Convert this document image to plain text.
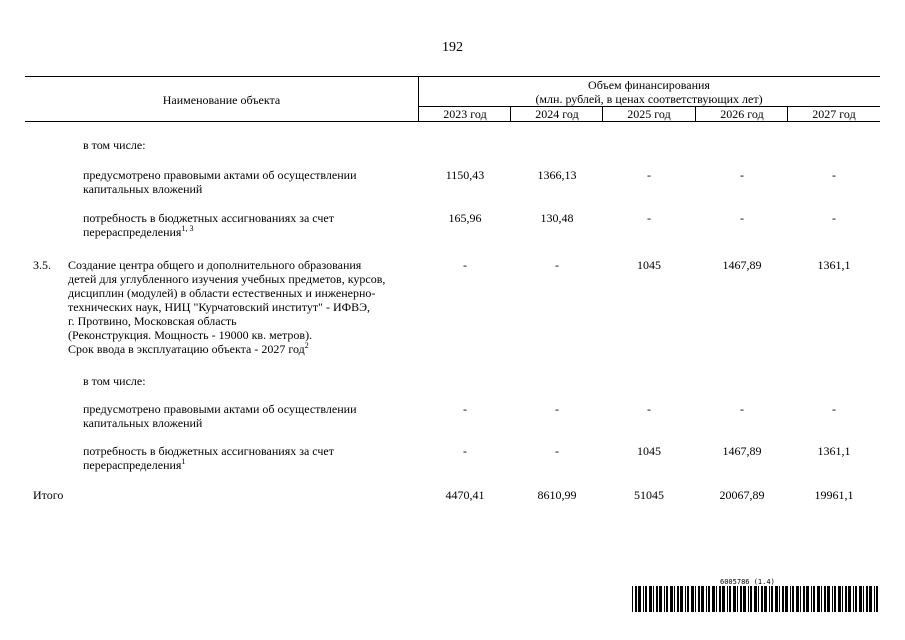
192
Наименование объекта
Объем финансирования
(млн. рублей, в ценах соответствующих лет)
2023 год	2024 год	2025 год	2026 год	2027 год
в том числе:
предусмотрено правовыми актами об осуществлении
капитальных вложений
1150,43	1366,13	-	-	-
потребность в бюджетных ассигнованиях за счет
перераспределения$^{1, 3}$
165,96	130,48	-	-	-
3.5. Создание центра общего и дополнительного образования
детей для углубленного изучения учебных предметов, курсов,
дисциплин (модулей) в области естественных и инженерно-
технических наук, НИЦ "Курчатовский институт" - ИФВЭ,
г. Протвино, Московская область
(Реконструкция. Мощность - 19000 кв. метров).
Срок ввода в эксплуатацию объекта - 2027 год$^2$
-	-	1045	1467,89	1361,1
в том числе:
предусмотрено правовыми актами об осуществлении
капитальных вложений
-	-	-	-	-
потребность в бюджетных ассигнованиях за счет
перераспределения$^1$
-	-	1045	1467,89	1361,1
Итого	4470,41	8610,99	51045	20067,89	19961,1
6005786 (1.4)
